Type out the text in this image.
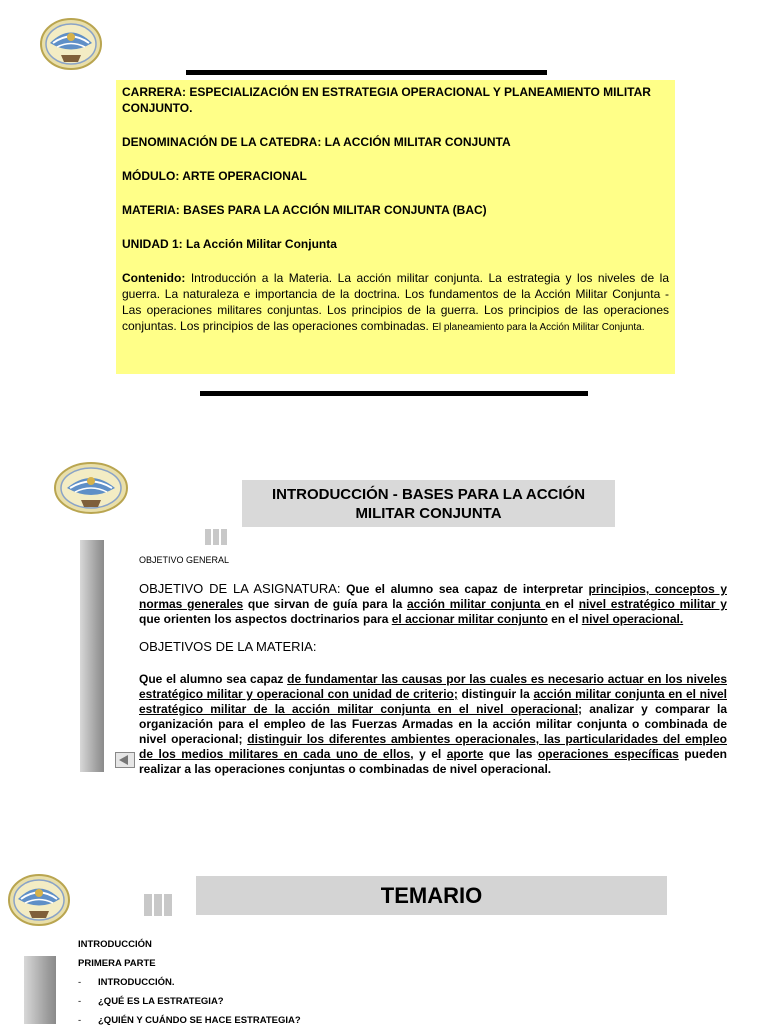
CARRERA: ESPECIALIZACIÓN EN ESTRATEGIA OPERACIONAL Y PLANEAMIENTO MILITAR CONJUNTO.
DENOMINACIÓN DE LA CATEDRA: LA ACCIÓN MILITAR CONJUNTA
MÓDULO: ARTE OPERACIONAL
MATERIA: BASES PARA LA ACCIÓN MILITAR CONJUNTA (BAC)
UNIDAD 1: La Acción Militar Conjunta
Contenido: Introducción a la Materia. La acción militar conjunta. La estrategia y los niveles de la guerra. La naturaleza e importancia de la doctrina. Los fundamentos de la Acción Militar Conjunta - Las operaciones militares conjuntas. Los principios de la guerra. Los principios de las operaciones conjuntas. Los principios de las operaciones combinadas. El planeamiento para la Acción Militar Conjunta.
INTRODUCCIÓN - BASES PARA LA ACCIÓN MILITAR CONJUNTA
OBJETIVO GENERAL

OBJETIVO DE LA ASIGNATURA: Que el alumno sea capaz de interpretar principios, conceptos y normas generales que sirvan de guía para la acción militar conjunta en el nivel estratégico militar y que orienten los aspectos doctrinarios para el accionar militar conjunto en el nivel operacional.

OBJETIVOS DE LA MATERIA:

Que el alumno sea capaz de fundamentar las causas por las cuales es necesario actuar en los niveles estratégico militar y operacional con unidad de criterio; distinguir la acción militar conjunta en el nivel estratégico militar de la acción militar conjunta en el nivel operacional; analizar y comparar la organización para el empleo de las Fuerzas Armadas en la acción militar conjunta o combinada de nivel operacional; distinguir los diferentes ambientes operacionales, las particularidades del empleo de los medios militares en cada uno de ellos, y el aporte que las operaciones específicas pueden realizar a las operaciones conjuntas o combinadas de nivel operacional.

TEMARIO
INTRODUCCIÓN
PRIMERA PARTE
- INTRODUCCIÓN.
- ¿QUÉ ES LA ESTRATEGIA?
- ¿QUIÉN Y CUÁNDO SE HACE ESTRATEGIA?
